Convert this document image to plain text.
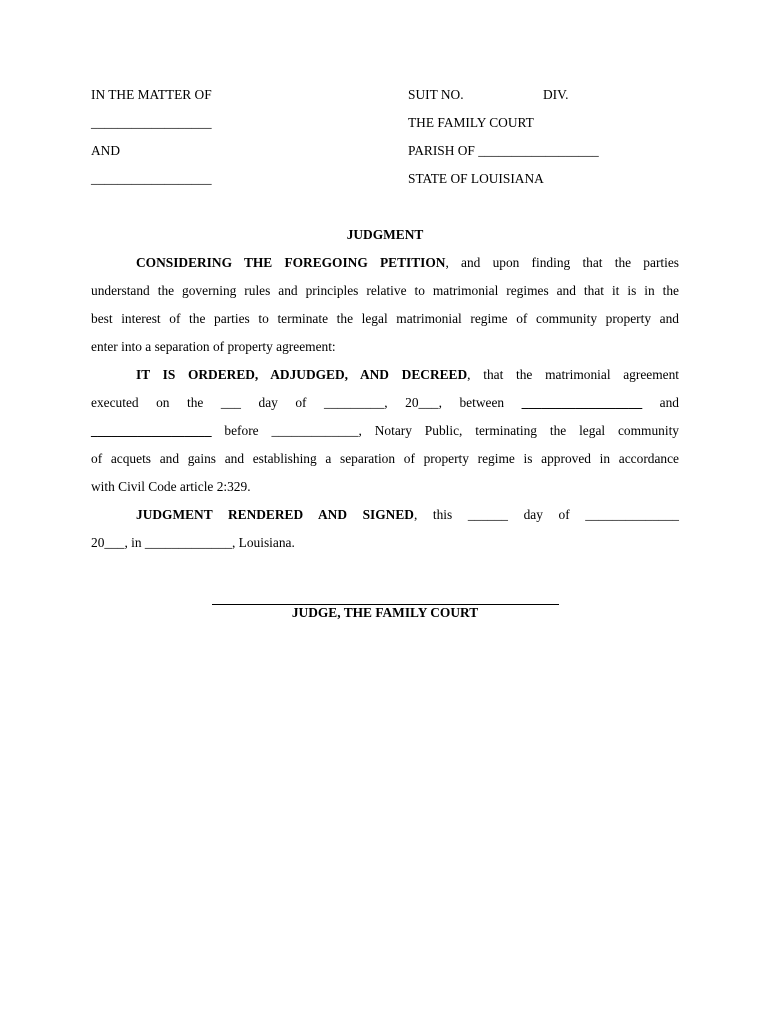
IN THE MATTER OF
__________________
AND
__________________
SUIT NO.	DIV.
THE FAMILY COURT
PARISH OF __________________
STATE OF LOUISIANA
JUDGMENT
CONSIDERING THE FOREGOING PETITION, and upon finding that the parties
understand the governing rules and principles relative to matrimonial regimes and that it is in the
best interest of the parties to terminate the legal matrimonial regime of community property and
enter into a separation of property agreement:
IT IS ORDERED, ADJUDGED, AND DECREED, that the matrimonial agreement
executed on the ___ day of _________, 20___, between __________________ and
__________________ before _____________, Notary Public, terminating the legal community
of acquets and gains and establishing a separation of property regime is approved in accordance
with Civil Code article 2:329.
JUDGMENT RENDERED AND SIGNED, this ______ day of ______________
20___, in _____________, Louisiana.
JUDGE, THE FAMILY COURT
